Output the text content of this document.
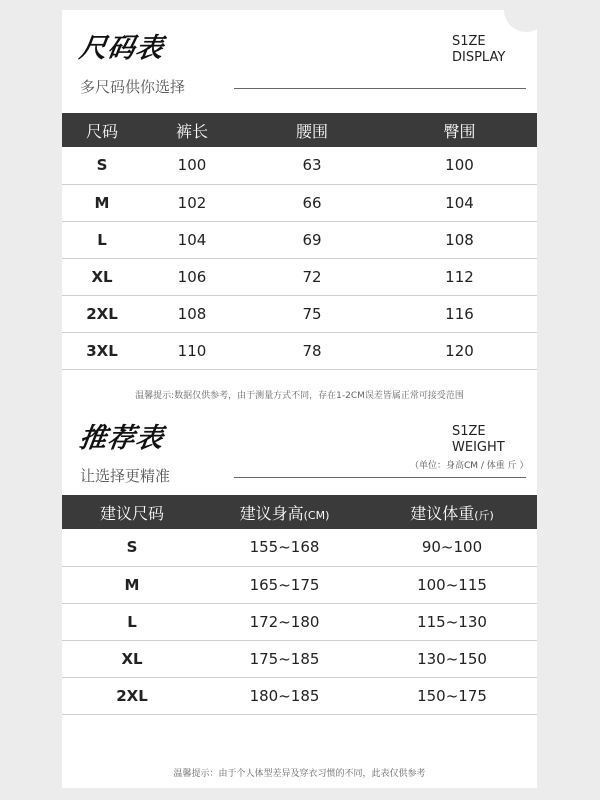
尺码表
多尺码供你选择
S1ZE
DISPLAY
尺码	裤长	腰围	臀围
S	100	63	100
M	102	66	104
L	104	69	108
XL	106	72	112
2XL	108	75	116
3XL	110	78	120
温馨提示:数据仅供参考，由于测量方式不同，存在1-2CM误差皆属正常可接受范围
推荐表
让选择更精准
S1ZE
WEIGHT
（单位：身高CM / 体重 斤 ）
建议尺码	建议身高(CM)	建议体重(斤)
S	155~168	90~100
M	165~175	100~115
L	172~180	115~130
XL	175~185	130~150
2XL	180~185	150~175
温馨提示：由于个人体型差异及穿衣习惯的不同，此表仅供参考
